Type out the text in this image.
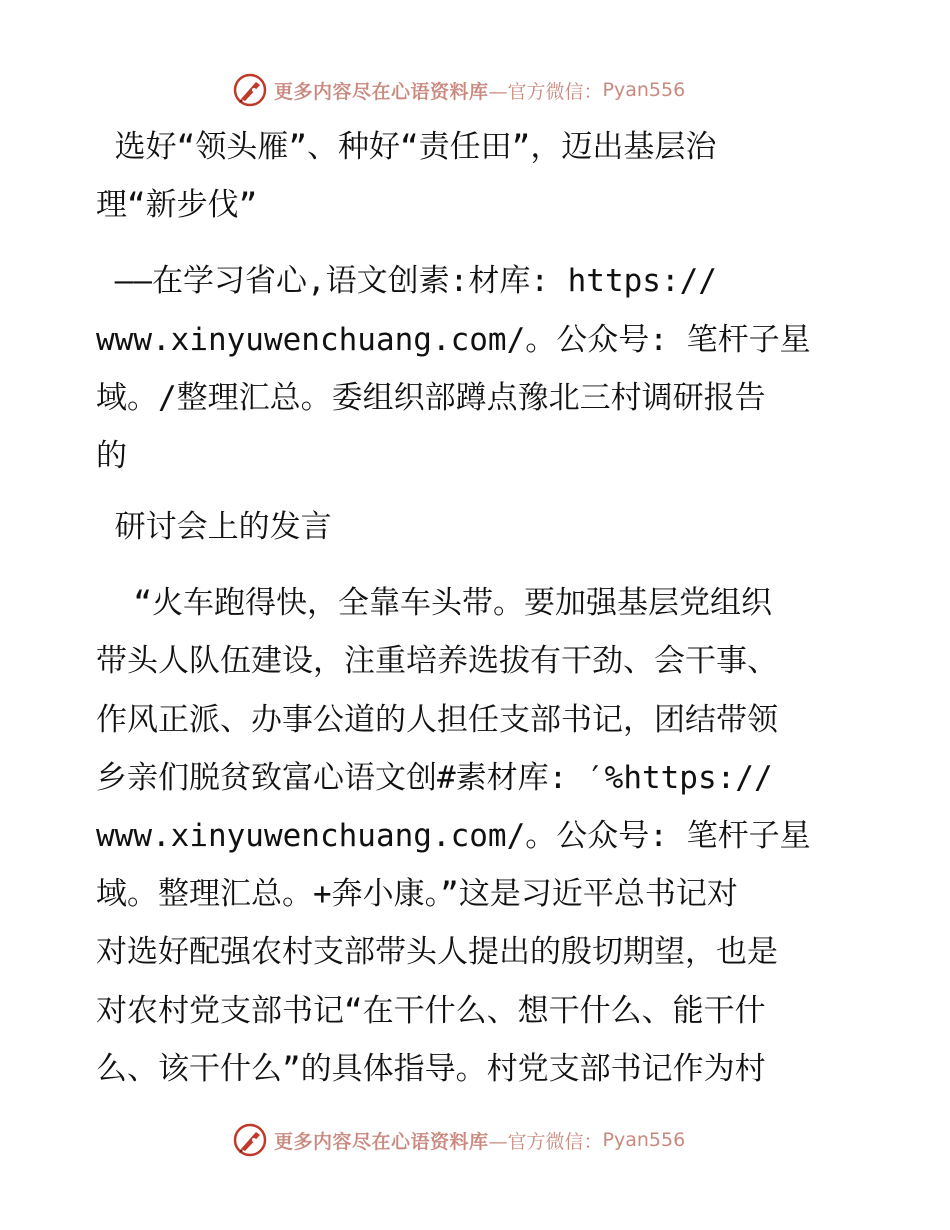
更多内容尽在心语资料库 —官方微信： Pyan556
选好“领头雁”、种好“责任田”，迈出基层治
理“新步伐”
——在学习省心,语文创素:材库: https://
www.xinyuwenchuang.com/。公众号: 笔杆子星
域。/整理汇总。委组织部蹲点豫北三村调研报告
的
研讨会上的发言
“火车跑得快，全靠车头带。要加强基层党组织
带头人队伍建设，注重培养选拔有干劲、会干事、
作风正派、办事公道的人担任支部书记，团结带领
乡亲们脱贫致富心语文创#素材库: ′%https://
www.xinyuwenchuang.com/。公众号: 笔杆子星
域。整理汇总。+奔小康。”这是习近平总书记对
对选好配强农村支部带头人提出的殷切期望，也是
对农村党支部书记“在干什么、想干什么、能干什
么、该干什么”的具体指导。村党支部书记作为村
更多内容尽在心语资料库 —官方微信： Pyan556
